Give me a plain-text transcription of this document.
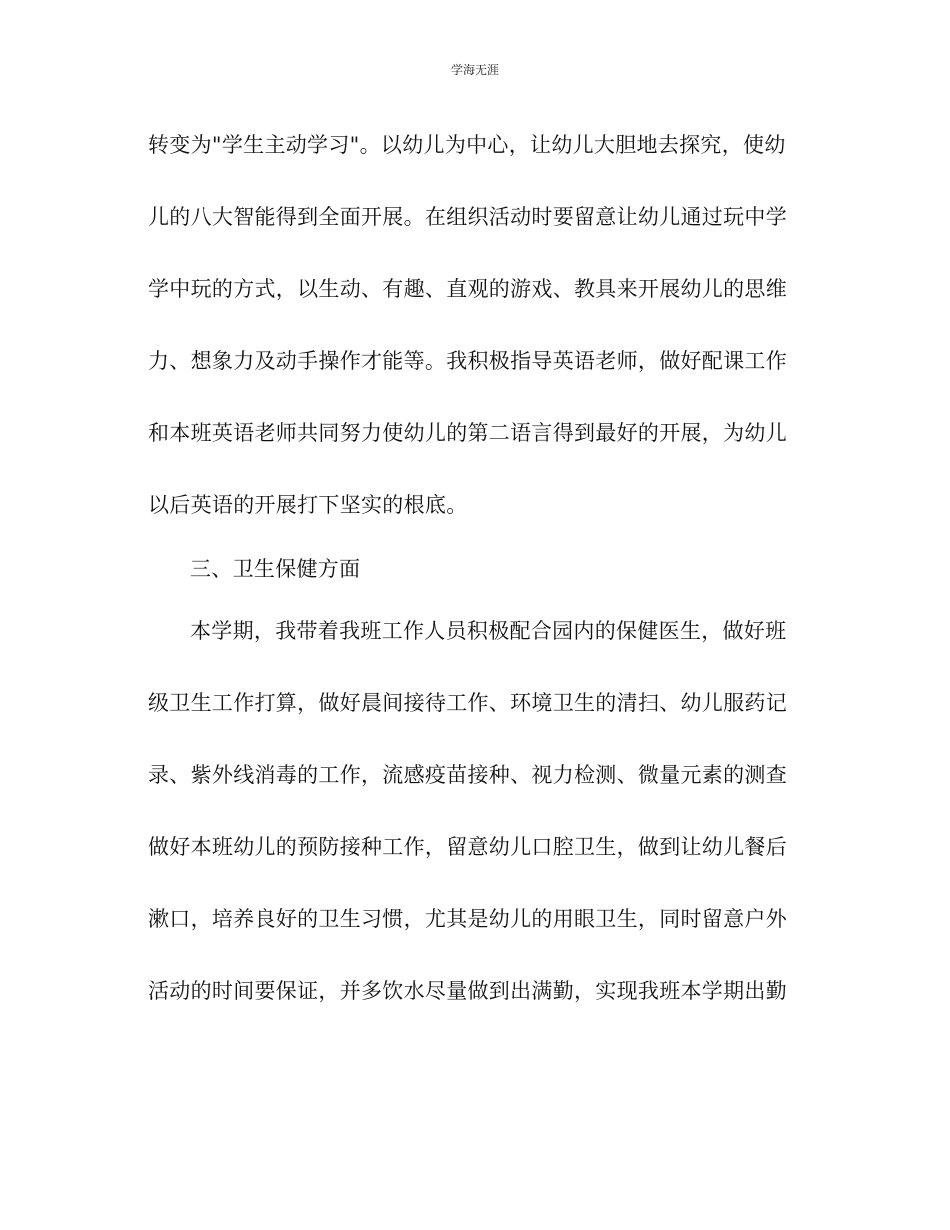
学海无涯
转变为"学生主动学习"。以幼儿为中心，让幼儿大胆地去探究，使幼
儿的八大智能得到全面开展。在组织活动时要留意让幼儿通过玩中学
学中玩的方式，以生动、有趣、直观的游戏、教具来开展幼儿的思维
力、想象力及动手操作才能等。我积极指导英语老师，做好配课工作
和本班英语老师共同努力使幼儿的第二语言得到最好的开展，为幼儿
以后英语的开展打下坚实的根底。
三、卫生保健方面
本学期，我带着我班工作人员积极配合园内的保健医生，做好班
级卫生工作打算，做好晨间接待工作、环境卫生的清扫、幼儿服药记
录、紫外线消毒的工作，流感疫苗接种、视力检测、微量元素的测查
做好本班幼儿的预防接种工作，留意幼儿口腔卫生，做到让幼儿餐后
漱口，培养良好的卫生习惯，尤其是幼儿的用眼卫生，同时留意户外
活动的时间要保证，并多饮水尽量做到出满勤，实现我班本学期出勤
